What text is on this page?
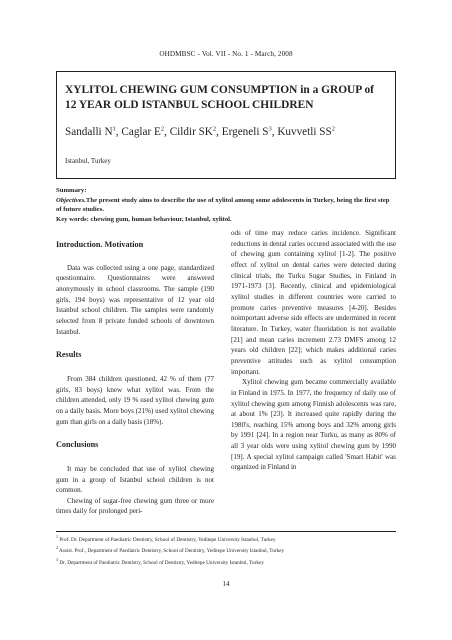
OHDMBSC - Vol. VII - No. 1 - March, 2008
XYLITOL CHEWING GUM CONSUMPTION in a GROUP of
12 YEAR OLD ISTANBUL SCHOOL CHILDREN
Sandalli $N^1$, Caglar $E^2$, Cildir $SK^2$, Ergeneli $S^3$, Kuvvetli $SS^2$
Istanbul, Turkey
Summary:
Objectives.The present study aims to describe the use of xylitol among some adolescents in Turkey, being the first step of future studies.
Key words: chewing gum, human behaviour, Istanbul, xylitol.
Introduction. Motivation

Data was collected using a one page, standardized questionnaire. Questionnaires were answered anonymously in school classrooms. The sample (190 girls, 194 boys) was representative of 12 year old Istanbul school children. The samples were randomly selected from 8 private funded schools of downtown Istanbul.

Results

From 384 children questioned, 42 % of them (77 girls, 83 boys) knew what xylitol was. From the children attended, only 19 % used xylitol chewing gum on a daily basis. More boys (21%) used xylitol chewing gum than girls on a daily basis (18%).

Conclusions

It may be concluded that use of xylitol chewing gum in a group of Istanbul school children is not common.

Chewing of sugar-free chewing gum three or more times daily for prolonged peri-

ods of time may reduce caries incidence. Significant reductions in dental caries occured associated with the use of chewing gum containing xylitol [1-2]. The positive effect of xylitol on dental caries were detected during clinical trials, the Turku Sugar Studies, in Finland in 1971-1973 [3]. Recently, clinical and epidemiological xylitol studies in different countries were carried to promote caries preventive measures [4-20]. Besides noimportant adverse side effects are undermined in recent literature. In Turkey, water fluoridation is not available [21] and mean caries increment 2.73 DMFS among 12 years old children [22]; which makes additional caries preventive attitudes such as xylitol consumption important.

Xylitol chewing gum became commercially available in Finland in 1975. In 1977, the frequency of daily use of xylitol chewing gum among Finnish adolescents was rare, at about 1% [23]. It increased quite rapidly during the 1980's, reaching 15% among boys and 32% among girls by 1991 [24]. In a region near Turku, as many as 80% of all 3 year olds were using xylitol chewing gum by 1990 [19]. A special xylitol campaign called 'Smart Habit' was organized in Finland in

$^1$ Prof. Dr. Department of Paediatric Dentistry, School of Dentistry, Yeditepe University Istanbul, Turkey
$^2$ Assist. Prof., Department of Paediatric Dentistry, School of Dentistry, Yeditepe University Istanbul, Turkey
$^3$ Dr, Department of Paediatric Dentistry, School of Dentistry, Yeditepe University Istanbul, Turkey
14
